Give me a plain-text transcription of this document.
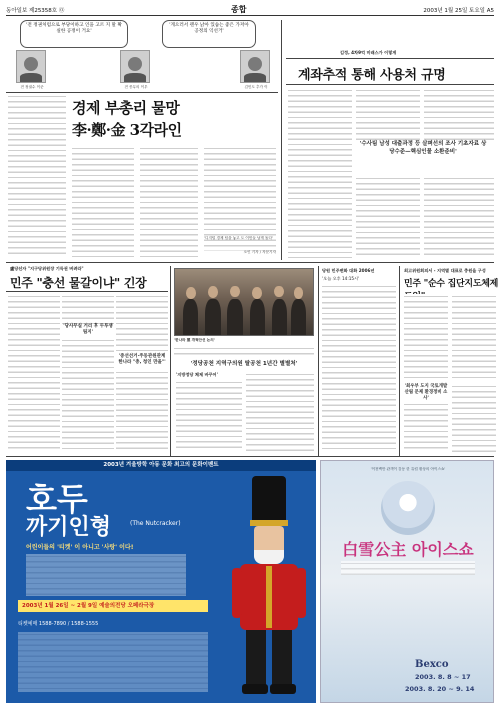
동아일보 제25358호 ⓪	종합	2003년 1월 25일 토요일 A5
'전 정권처럼으로 부당이하고 인을 고르 지 말 확실한 공정이 거요'
'게으러서 괜우 낡아 있습는 좋은 가저아 공정의 익선거'
전 정권수 이준	전 종무의 이우	김민도 추가 이
경제 부총리 물망
李·鄭·金 3각라인
'디지털 경제 팀을 놓고 도 이민들 남게 돌다'
오인 기자 / 자문기자
김정, 4차9억 미래스가 이렇게
계좌추적 통해 사용처 규명
'수사팀 남성 대출과정 등 살펴선의 조사 기초자료 상당수준—핵심인물 소환준비'
盧당선자 "지구당위원장 기득권 버려라"
민주 "충선 물갈이냐" 긴장
'당사무실 거리 후 두투쟁 팀지'
'중선선거·주동관원관계 한나라 "충, 청인 만을"'
'한나라 黨 개혁안선 논의'
'정당공천 지역구의원 탈공천 1년간 별별처'
'지방정당 체제 바꾸어'
당원 민주변화 대화 2006년
'오늘 오후 14:15시'
최고위원회의서 - 지역별 대표로 충원을 구성
민주 "순수 집단지도체제
'최우부 도지 국토개발 산림 문제 환경정비 소사'
2003년 겨울방학 아동 문화 최고의 문화이벤트
호두
까기인형	(The Nutcracker)
어린이들의 '티켓' 이 아니고 '사랑' 이다!
2003년 1월 26일 ~ 2월 9일 예술의전당 오페라극장
티켓예매 1588-7890 / 1588-1555
'이천백만 관객이 감동 한 유럽 환상의 아이스쇼'
白雪公主 아이스쇼
Bexco
2003. 8. 8 ~ 17
2003. 8. 20 ~ 9. 14
